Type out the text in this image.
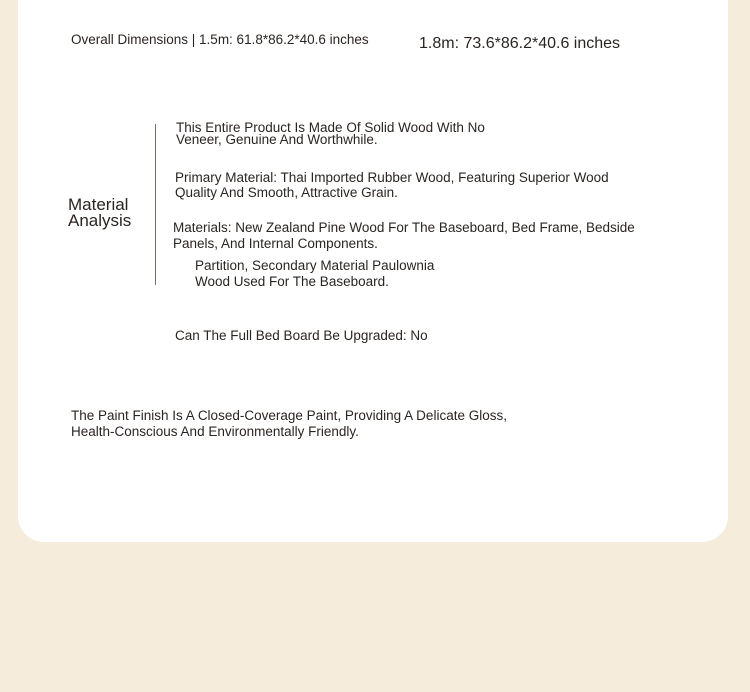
Overall Dimensions | 1.5m: 61.8*86.2*40.6 inches	1.8m: 73.6*86.2*40.6 inches
Material
Analysis
This Entire Product Is Made Of Solid Wood With No
Veneer, Genuine And Worthwhile.
Primary Material: Thai Imported Rubber Wood, Featuring Superior Wood
Quality And Smooth, Attractive Grain.
Materials: New Zealand Pine Wood For The Baseboard, Bed Frame, Bedside
Panels, And Internal Components.
Partition, Secondary Material Paulownia
Wood Used For The Baseboard.
Can The Full Bed Board Be Upgraded: No
The Paint Finish Is A Closed-Coverage Paint, Providing A Delicate Gloss,
Health-Conscious And Environmentally Friendly.
